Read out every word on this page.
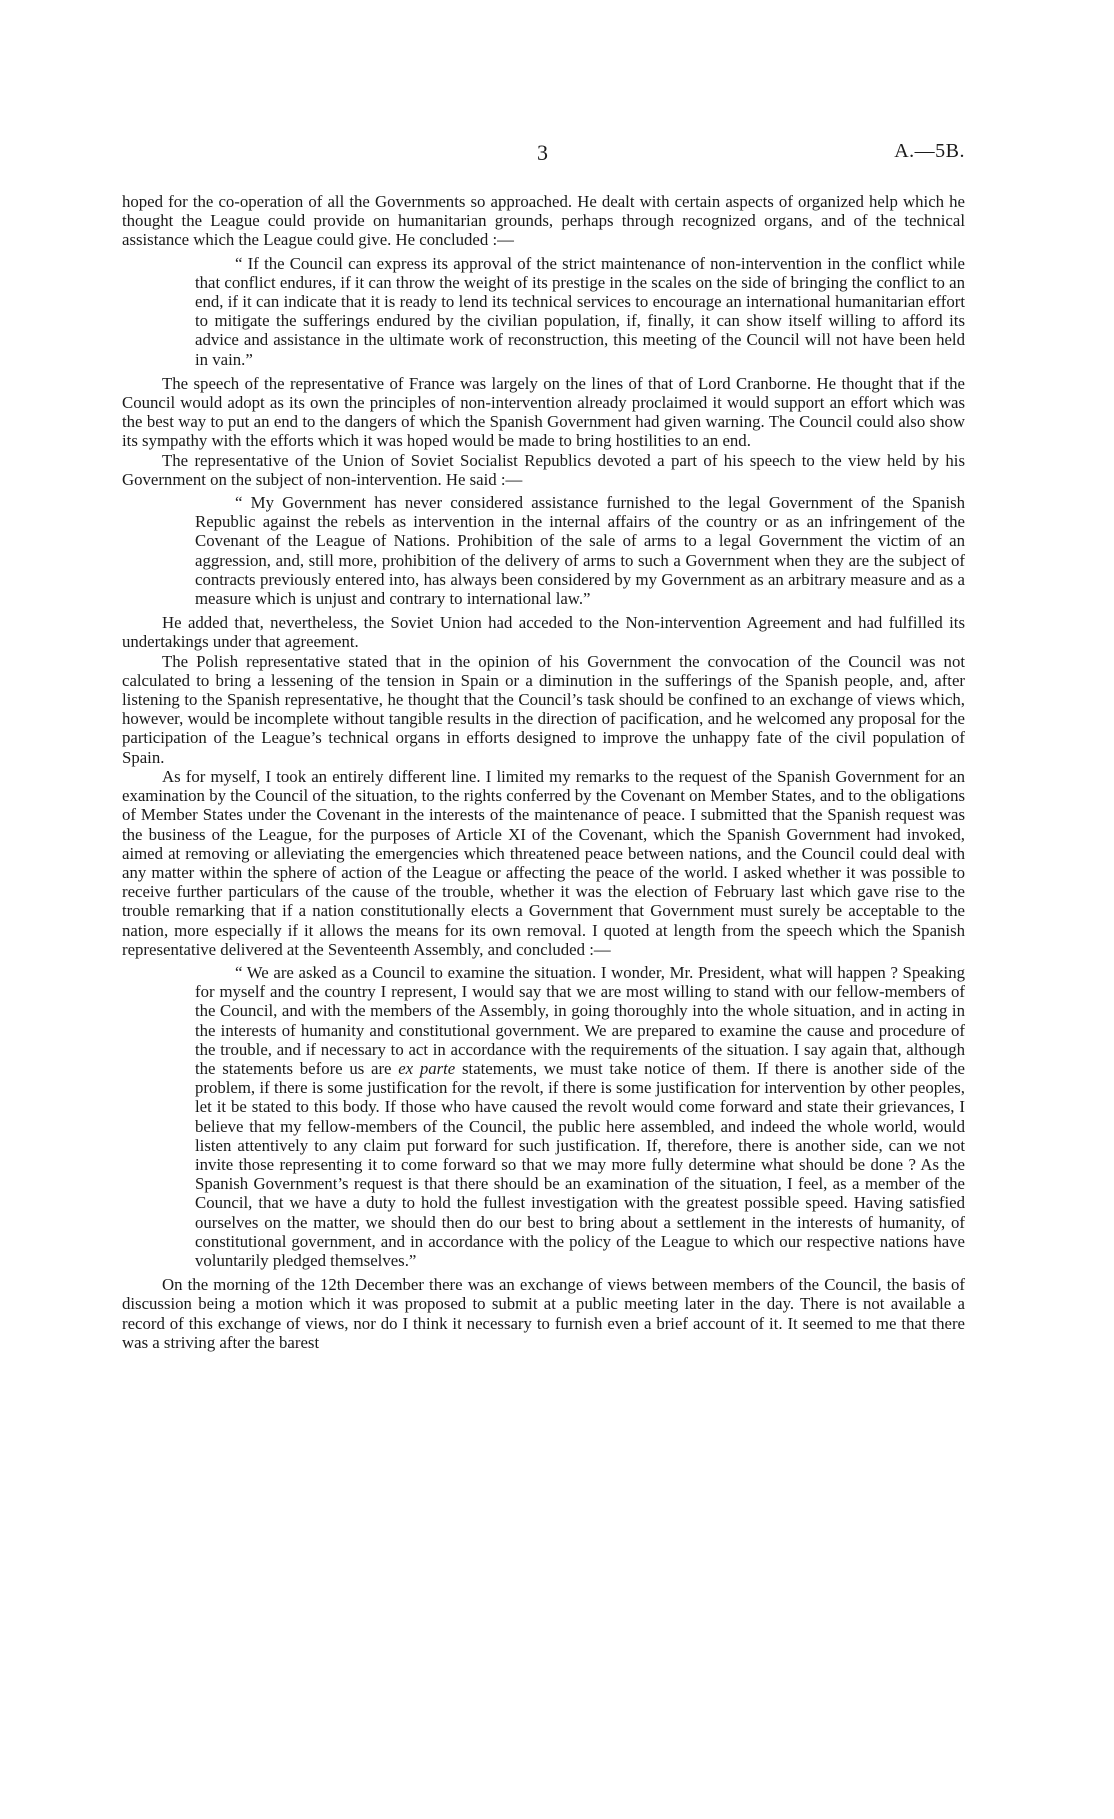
3	A.—5B.

hoped for the co-operation of all the Governments so approached. He dealt with certain aspects of organized help which he thought the League could provide on humanitarian grounds, perhaps through recognized organs, and of the technical assistance which the League could give. He concluded :—

“ If the Council can express its approval of the strict maintenance of non-intervention in the conflict while that conflict endures, if it can throw the weight of its prestige in the scales on the side of bringing the conflict to an end, if it can indicate that it is ready to lend its technical services to encourage an international humanitarian effort to mitigate the sufferings endured by the civilian population, if, finally, it can show itself willing to afford its advice and assistance in the ultimate work of reconstruction, this meeting of the Council will not have been held in vain.”

The speech of the representative of France was largely on the lines of that of Lord Cranborne. He thought that if the Council would adopt as its own the principles of non-intervention already proclaimed it would support an effort which was the best way to put an end to the dangers of which the Spanish Government had given warning. The Council could also show its sympathy with the efforts which it was hoped would be made to bring hostilities to an end.

The representative of the Union of Soviet Socialist Republics devoted a part of his speech to the view held by his Government on the subject of non-intervention. He said :—

“ My Government has never considered assistance furnished to the legal Government of the Spanish Republic against the rebels as intervention in the internal affairs of the country or as an infringement of the Covenant of the League of Nations. Prohibition of the sale of arms to a legal Government the victim of an aggression, and, still more, prohibition of the delivery of arms to such a Government when they are the subject of contracts previously entered into, has always been considered by my Government as an arbitrary measure and as a measure which is unjust and contrary to international law.”

He added that, nevertheless, the Soviet Union had acceded to the Non-intervention Agreement and had fulfilled its undertakings under that agreement.

The Polish representative stated that in the opinion of his Government the convocation of the Council was not calculated to bring a lessening of the tension in Spain or a diminution in the sufferings of the Spanish people, and, after listening to the Spanish representative, he thought that the Council’s task should be confined to an exchange of views which, however, would be incomplete without tangible results in the direction of pacification, and he welcomed any proposal for the participation of the League’s technical organs in efforts designed to improve the unhappy fate of the civil population of Spain.

As for myself, I took an entirely different line. I limited my remarks to the request of the Spanish Government for an examination by the Council of the situation, to the rights conferred by the Covenant on Member States, and to the obligations of Member States under the Covenant in the interests of the maintenance of peace. I submitted that the Spanish request was the business of the League, for the purposes of Article XI of the Covenant, which the Spanish Government had invoked, aimed at removing or alleviating the emergencies which threatened peace between nations, and the Council could deal with any matter within the sphere of action of the League or affecting the peace of the world. I asked whether it was possible to receive further particulars of the cause of the trouble, whether it was the election of February last which gave rise to the trouble remarking that if a nation constitutionally elects a Government that Government must surely be acceptable to the nation, more especially if it allows the means for its own removal. I quoted at length from the speech which the Spanish representative delivered at the Seventeenth Assembly, and concluded :—

“ We are asked as a Council to examine the situation. I wonder, Mr. President, what will happen ? Speaking for myself and the country I represent, I would say that we are most willing to stand with our fellow-members of the Council, and with the members of the Assembly, in going thoroughly into the whole situation, and in acting in the interests of humanity and constitutional government. We are prepared to examine the cause and procedure of the trouble, and if necessary to act in accordance with the requirements of the situation. I say again that, although the statements before us are ex parte statements, we must take notice of them. If there is another side of the problem, if there is some justification for the revolt, if there is some justification for intervention by other peoples, let it be stated to this body. If those who have caused the revolt would come forward and state their grievances, I believe that my fellow-members of the Council, the public here assembled, and indeed the whole world, would listen attentively to any claim put forward for such justification. If, therefore, there is another side, can we not invite those representing it to come forward so that we may more fully determine what should be done ? As the Spanish Government’s request is that there should be an examination of the situation, I feel, as a member of the Council, that we have a duty to hold the fullest investigation with the greatest possible speed. Having satisfied ourselves on the matter, we should then do our best to bring about a settlement in the interests of humanity, of constitutional government, and in accordance with the policy of the League to which our respective nations have voluntarily pledged themselves.”

On the morning of the 12th December there was an exchange of views between members of the Council, the basis of discussion being a motion which it was proposed to submit at a public meeting later in the day. There is not available a record of this exchange of views, nor do I think it necessary to furnish even a brief account of it. It seemed to me that there was a striving after the barest
